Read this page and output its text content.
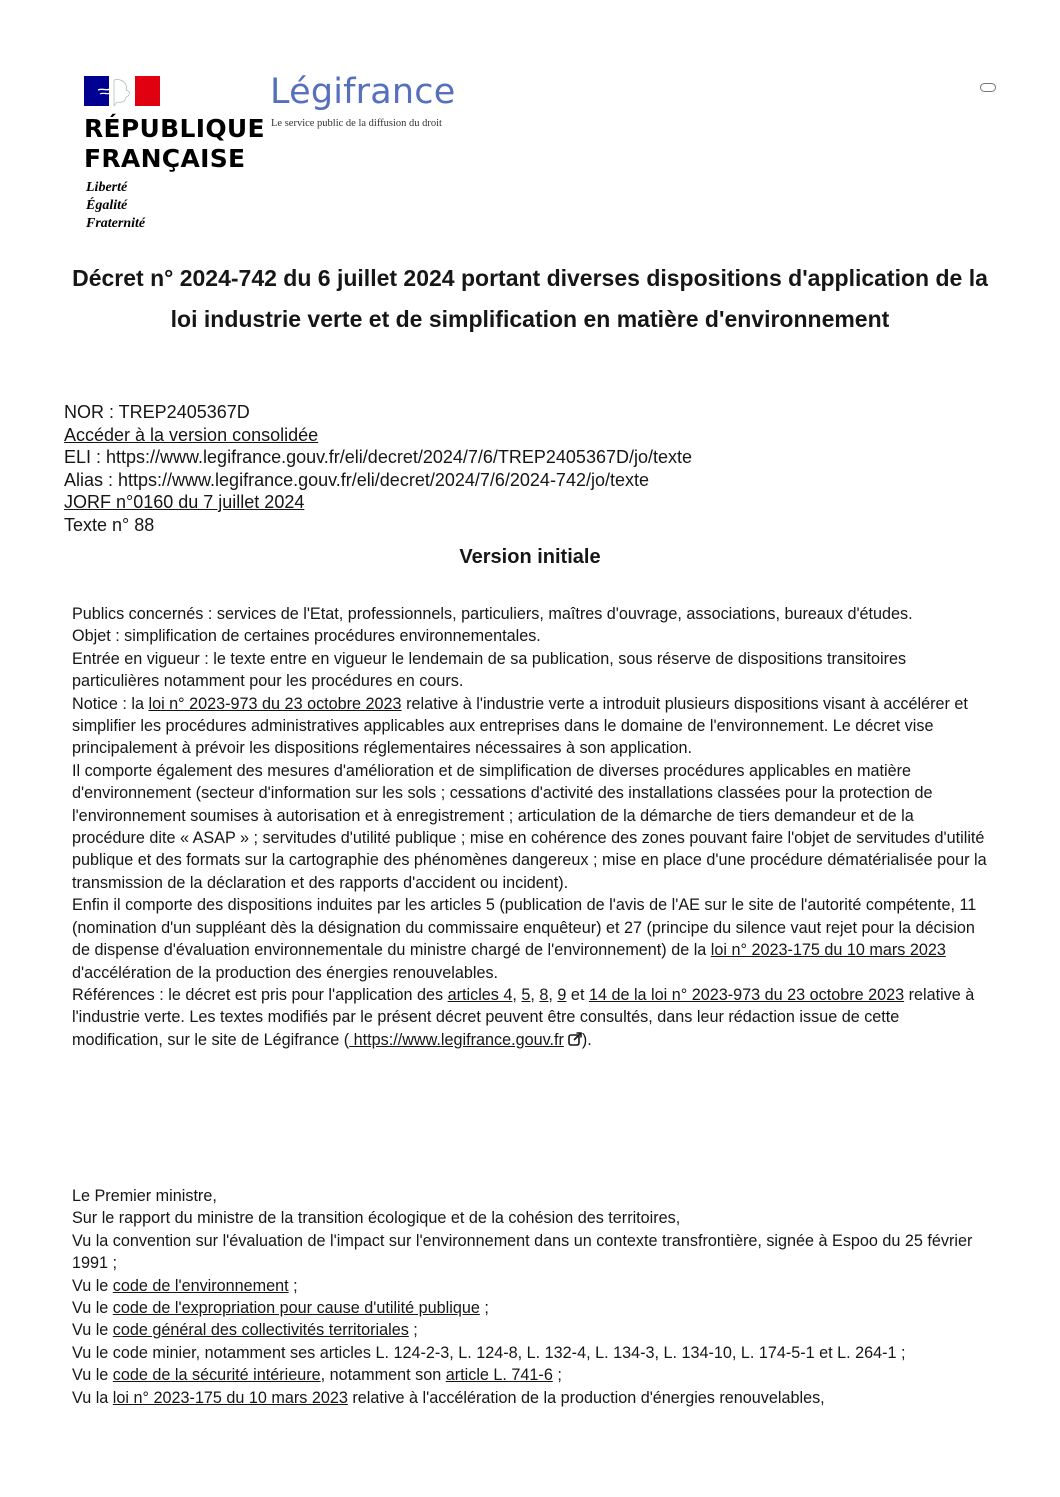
RÉPUBLIQUE
FRANÇAISE
Liberté
Égalité
Fraternité
Légifrance
Le service public de la diffusion du droit
Décret n° 2024-742 du 6 juillet 2024 portant diverses dispositions d'application de la loi industrie verte et de simplification en matière d'environnement
NOR : TREP2405367D
Accéder à la version consolidée
ELI : https://www.legifrance.gouv.fr/eli/decret/2024/7/6/TREP2405367D/jo/texte
Alias : https://www.legifrance.gouv.fr/eli/decret/2024/7/6/2024-742/jo/texte
JORF n°0160 du 7 juillet 2024
Texte n° 88
Version initiale

Publics concernés : services de l'Etat, professionnels, particuliers, maîtres d'ouvrage, associations, bureaux d'études.

Objet : simplification de certaines procédures environnementales.

Entrée en vigueur : le texte entre en vigueur le lendemain de sa publication, sous réserve de dispositions transitoires particulières notamment pour les procédures en cours.

Notice : la loi n° 2023-973 du 23 octobre 2023 relative à l'industrie verte a introduit plusieurs dispositions visant à accélérer et simplifier les procédures administratives applicables aux entreprises dans le domaine de l'environnement. Le décret vise principalement à prévoir les dispositions réglementaires nécessaires à son application.

Il comporte également des mesures d'amélioration et de simplification de diverses procédures applicables en matière d'environnement (secteur d'information sur les sols ; cessations d'activité des installations classées pour la protection de l'environnement soumises à autorisation et à enregistrement ; articulation de la démarche de tiers demandeur et de la procédure dite « ASAP » ; servitudes d'utilité publique ; mise en cohérence des zones pouvant faire l'objet de servitudes d'utilité publique et des formats sur la cartographie des phénomènes dangereux ; mise en place d'une procédure dématérialisée pour la transmission de la déclaration et des rapports d'accident ou incident).

Enfin il comporte des dispositions induites par les articles 5 (publication de l'avis de l'AE sur le site de l'autorité compétente, 11 (nomination d'un suppléant dès la désignation du commissaire enquêteur) et 27 (principe du silence vaut rejet pour la décision de dispense d'évaluation environnementale du ministre chargé de l'environnement) de la loi n° 2023-175 du 10 mars 2023 d'accélération de la production des énergies renouvelables.

Références : le décret est pris pour l'application des articles 4, 5, 8, 9 et 14 de la loi n° 2023-973 du 23 octobre 2023 relative à l'industrie verte. Les textes modifiés par le présent décret peuvent être consultés, dans leur rédaction issue de cette modification, sur le site de Légifrance ( https://www.legifrance.gouv.fr ).

Le Premier ministre,

Sur le rapport du ministre de la transition écologique et de la cohésion des territoires,

Vu la convention sur l'évaluation de l'impact sur l'environnement dans un contexte transfrontière, signée à Espoo du 25 février 1991 ;

Vu le code de l'environnement ;

Vu le code de l'expropriation pour cause d'utilité publique ;

Vu le code général des collectivités territoriales ;

Vu le code minier, notamment ses articles L. 124-2-3, L. 124-8, L. 132-4, L. 134-3, L. 134-10, L. 174-5-1 et L. 264-1 ;

Vu le code de la sécurité intérieure, notamment son article L. 741-6 ;

Vu la loi n° 2023-175 du 10 mars 2023 relative à l'accélération de la production d'énergies renouvelables,
